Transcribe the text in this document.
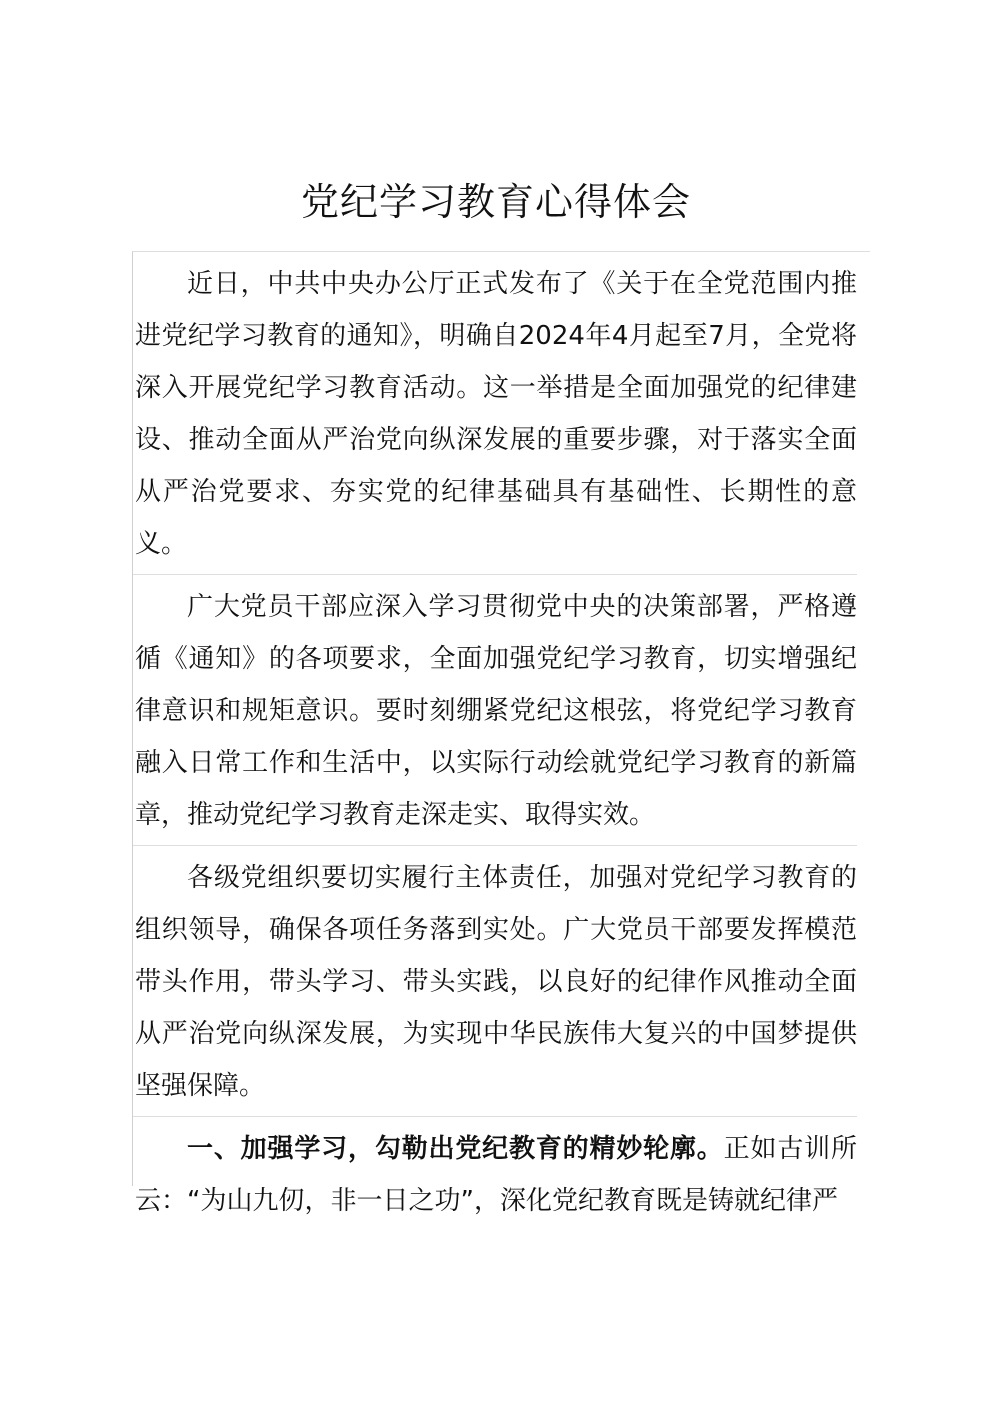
党纪学习教育心得体会

近日，中共中央办公厅正式发布了《关于在全党范围内推进党纪学习教育的通知》，明确自2024年4月起至7月，全党将深入开展党纪学习教育活动。这一举措是全面加强党的纪律建设、推动全面从严治党向纵深发展的重要步骤，对于落实全面从严治党要求、夯实党的纪律基础具有基础性、长期性的意义。

广大党员干部应深入学习贯彻党中央的决策部署，严格遵循《通知》的各项要求，全面加强党纪学习教育，切实增强纪律意识和规矩意识。要时刻绷紧党纪这根弦，将党纪学习教育融入日常工作和生活中，以实际行动绘就党纪学习教育的新篇章，推动党纪学习教育走深走实、取得实效。

各级党组织要切实履行主体责任，加强对党纪学习教育的组织领导，确保各项任务落到实处。广大党员干部要发挥模范带头作用，带头学习、带头实践，以良好的纪律作风推动全面从严治党向纵深发展，为实现中华民族伟大复兴的中国梦提供坚强保障。

一、加强学习，勾勒出党纪教育的精妙轮廓。正如古训所云：“为山九仞，非一日之功”，深化党纪教育既是铸就纪律严
